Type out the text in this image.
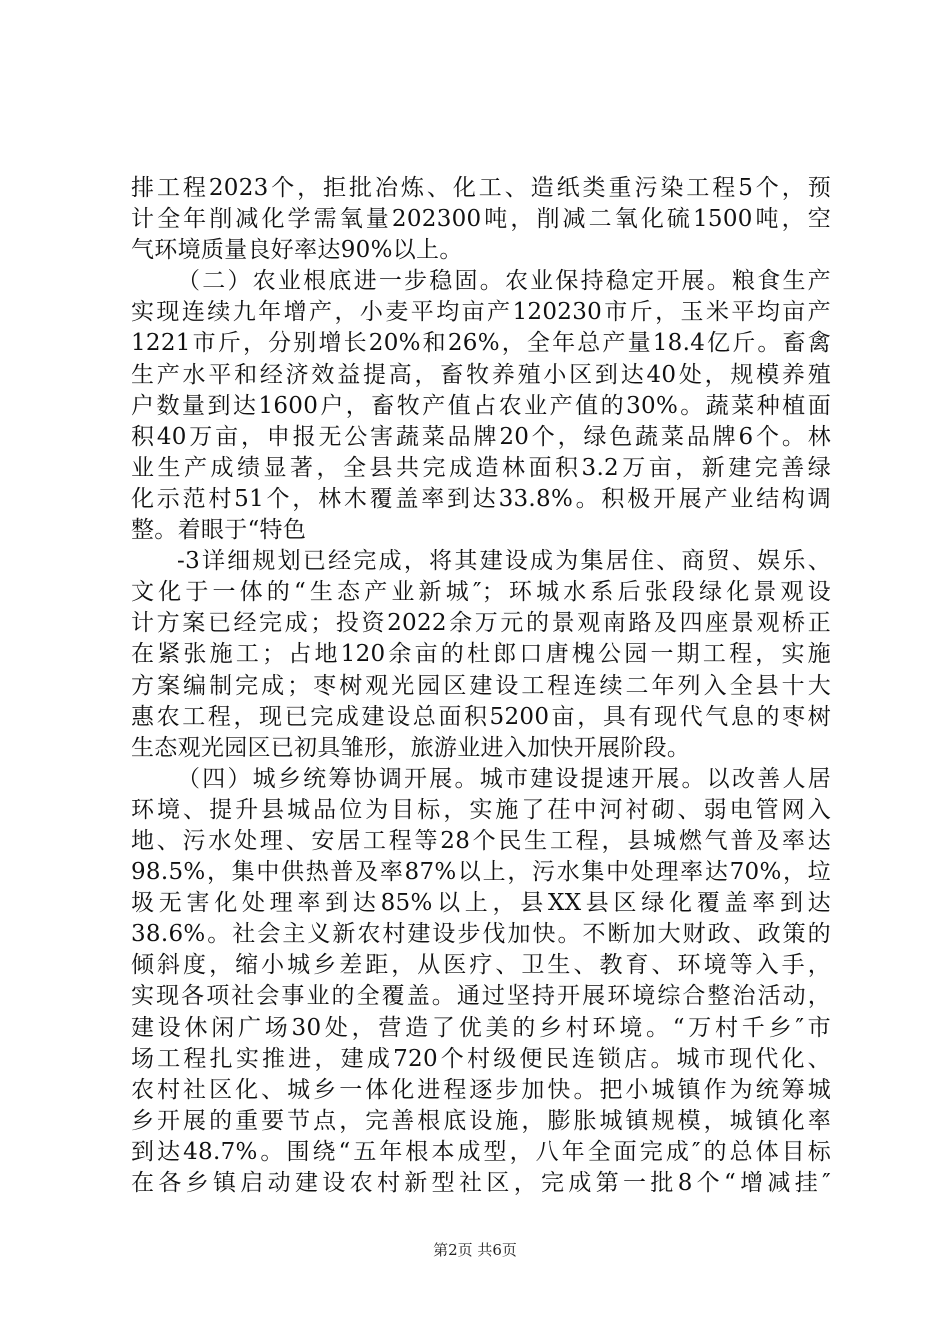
排工程2023个，拒批冶炼、化工、造纸类重污染工程5个，预
计全年削减化学需氧量202300吨，削减二氧化硫1500吨，空
气环境质量良好率达90%以上。
（二）农业根底进一步稳固。农业保持稳定开展。粮食生产
实现连续九年增产，小麦平均亩产120230市斤，玉米平均亩产
1221市斤，分别增长20%和26%，全年总产量18.4亿斤。畜禽
生产水平和经济效益提高，畜牧养殖小区到达40处，规模养殖
户数量到达1600户，畜牧产值占农业产值的30%。蔬菜种植面
积40万亩，申报无公害蔬菜品牌20个，绿色蔬菜品牌6个。林
业生产成绩显著，全县共完成造林面积3.2万亩，新建完善绿
化示范村51个，林木覆盖率到达33.8%。积极开展产业结构调
整。着眼于“特色
-3详细规划已经完成，将其建设成为集居住、商贸、娱乐、
文化于一体的“生态产业新城″；环城水系后张段绿化景观设
计方案已经完成；投资2022余万元的景观南路及四座景观桥正
在紧张施工；占地120余亩的杜郎口唐槐公园一期工程，实施
方案编制完成；枣树观光园区建设工程连续二年列入全县十大
惠农工程，现已完成建设总面积5200亩，具有现代气息的枣树
生态观光园区已初具雏形，旅游业进入加快开展阶段。
（四）城乡统筹协调开展。城市建设提速开展。以改善人居
环境、提升县城品位为目标，实施了茌中河衬砌、弱电管网入
地、污水处理、安居工程等28个民生工程，县城燃气普及率达
98.5%，集中供热普及率87%以上，污水集中处理率达70%，垃
圾无害化处理率到达85%以上，县XX县区绿化覆盖率到达
38.6%。社会主义新农村建设步伐加快。不断加大财政、政策的
倾斜度，缩小城乡差距，从医疗、卫生、教育、环境等入手，
实现各项社会事业的全覆盖。通过坚持开展环境综合整治活动，
建设休闲广场30处，营造了优美的乡村环境。“万村千乡″市
场工程扎实推进，建成720个村级便民连锁店。城市现代化、
农村社区化、城乡一体化进程逐步加快。把小城镇作为统筹城
乡开展的重要节点，完善根底设施，膨胀城镇规模，城镇化率
到达48.7%。围绕“五年根本成型，八年全面完成″的总体目标
在各乡镇启动建设农村新型社区，完成第一批8个“增减挂″
第2页 共6页
